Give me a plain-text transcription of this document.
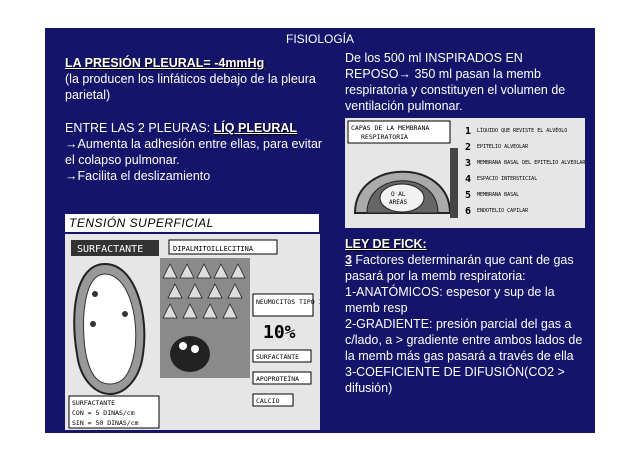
FISIOLOGÍA
LA PRESIÓN PLEURAL= -4mmHg
(la producen los linfáticos debajo de la pleura parietal)
ENTRE LAS 2 PLEURAS: LÍQ PLEURAL
→Aumenta la adhesión entre ellas, para evitar el colapso pulmonar.
→Facilita el deslizamiento
TENSIÓN SUPERFICIAL
SURFACTANTE	DIPALMITOILLECITINA
NEUMOCITOS TIPO II
10%
SURFACTANTE
APOPROTEÍNA
CALCIO
SURFACTANTE
CON = 5 DINAS/cm
SIN = 50 DINAS/cm
De los 500 ml INSPIRADOS EN REPOSO→ 350 ml pasan la memb respiratoria y constituyen el volumen de ventilación pulmonar.
CAPAS DE LA MEMBRANA
RESPIRATORIA
O AL
AREAS
1 LÍQUIDO QUE REVISTE EL ALVÉOLO
2 EPITELIO ALVEOLAR
3 MEMBRANA BASAL DEL EPITELIO ALVEOLAR
4 ESPACIO INTERSTICIAL
5 MEMBRANA BASAL
6 ENDOTELIO CAPILAR
LEY DE FICK:
3 Factores determinarán que cant de gas pasará por la memb respiratoria:
1-ANATÓMICOS: espesor y sup de la memb resp
2-GRADIENTE: presión parcial del gas a c/lado, a > gradiente entre ambos lados de la memb más gas pasará a través de ella
3-COEFICIENTE DE DIFUSIÓN(CO2 > difusión)
